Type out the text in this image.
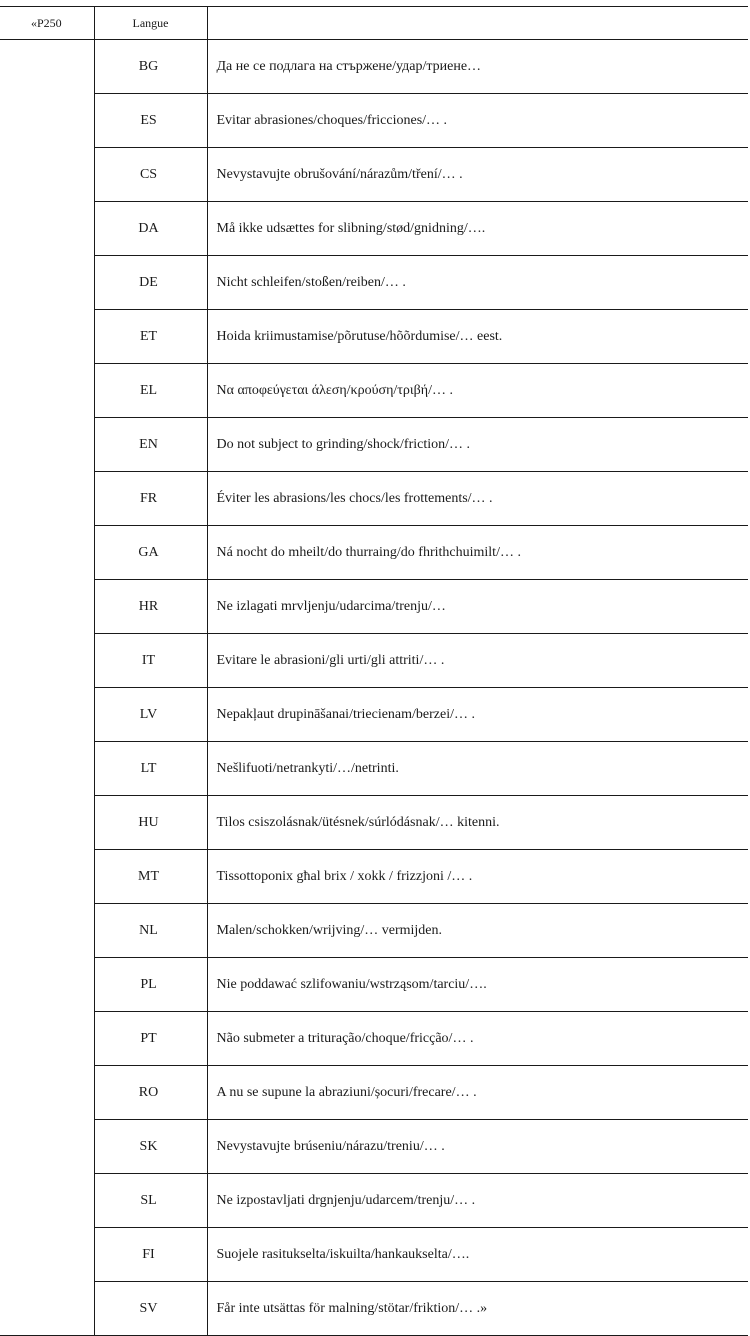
«P250	Langue	
	BG	Да не се подлага на стържене/удар/триене…
	ES	Evitar abrasiones/choques/fricciones/… .
	CS	Nevystavujte obrušování/nárazům/tření/… .
	DA	Må ikke udsættes for slibning/stød/gnidning/….
	DE	Nicht schleifen/stoßen/reiben/… .
	ET	Hoida kriimustamise/põrutuse/hõõrdumise/… eest.
	EL	Να αποφεύγεται άλεση/κρούση/τριβή/… .
	EN	Do not subject to grinding/shock/friction/… .
	FR	Éviter les abrasions/les chocs/les frottements/… .
	GA	Ná nocht do mheilt/do thurraing/do fhrithchuimilt/… .
	HR	Ne izlagati mrvljenju/udarcima/trenju/…
	IT	Evitare le abrasioni/gli urti/gli attriti/… .
	LV	Nepakļaut drupināšanai/triecienam/berzei/… .
	LT	Nešlifuoti/netrankyti/…/netrinti.
	HU	Tilos csiszolásnak/ütésnek/súrlódásnak/… kitenni.
	MT	Tissottoponix għal brix / xokk / frizzjoni /… .
	NL	Malen/schokken/wrijving/… vermijden.
	PL	Nie poddawać szlifowaniu/wstrząsom/tarciu/….
	PT	Não submeter a trituração/choque/fricção/… .
	RO	A nu se supune la abraziuni/șocuri/frecare/… .
	SK	Nevystavujte brúseniu/nárazu/treniu/… .
	SL	Ne izpostavljati drgnjenju/udarcem/trenju/… .
	FI	Suojele rasitukselta/iskuilta/hankaukselta/….
	SV	Får inte utsättas för malning/stötar/friktion/… .»
